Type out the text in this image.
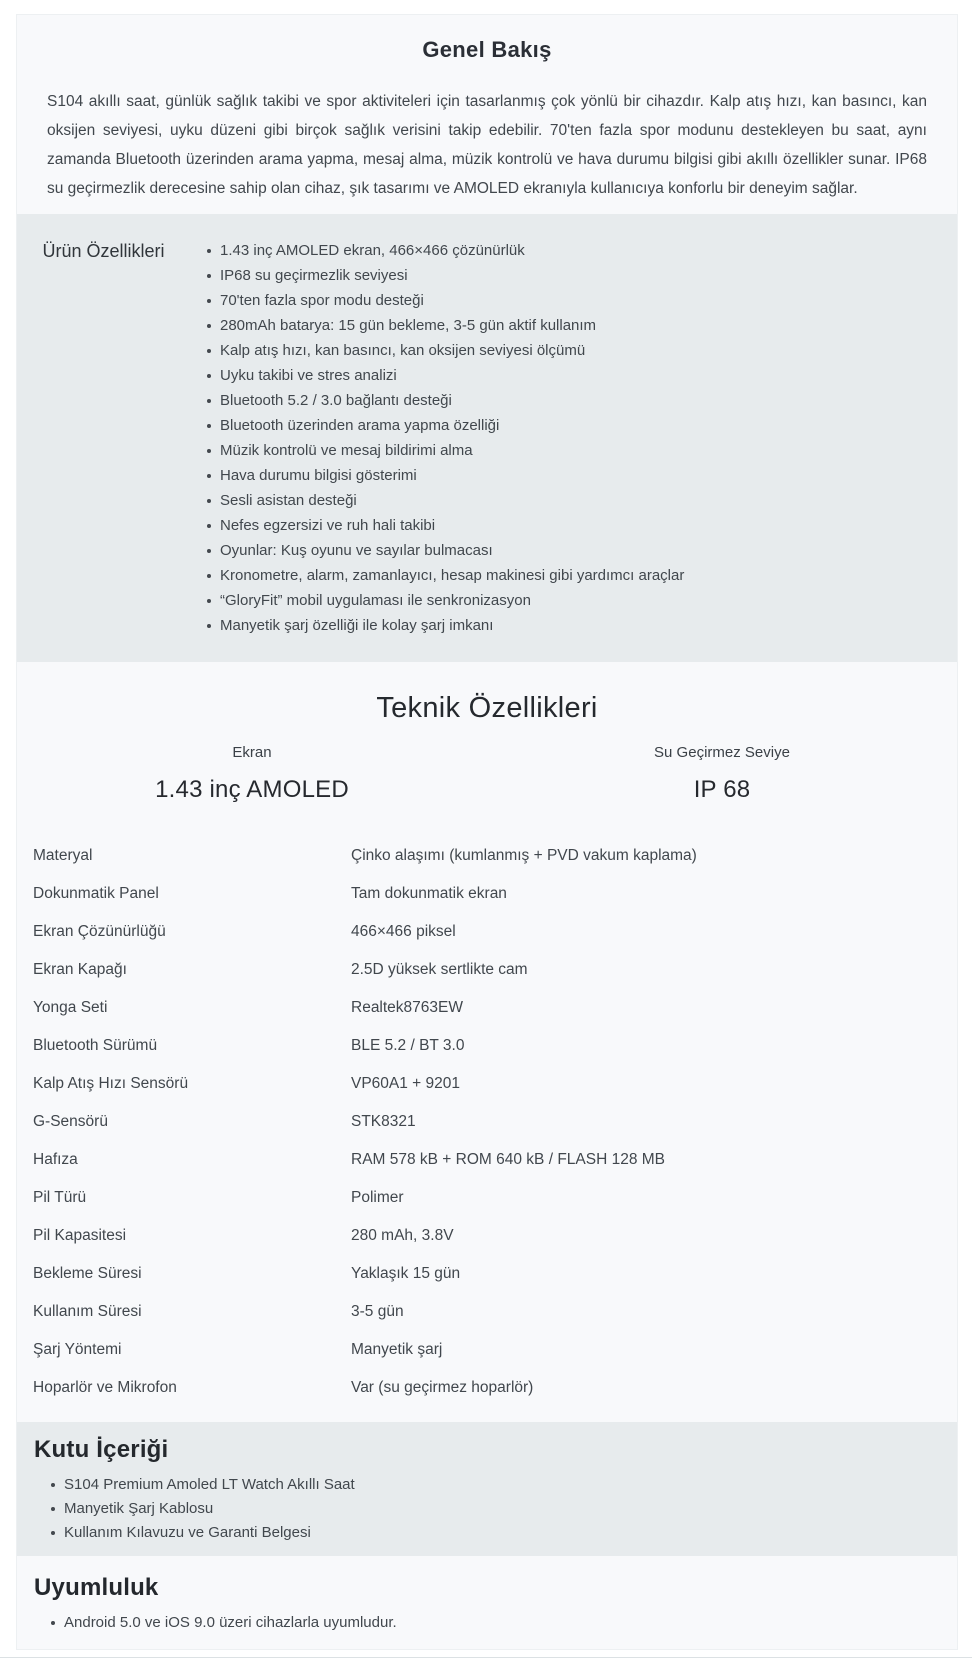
Genel Bakış

S104 akıllı saat, günlük sağlık takibi ve spor aktiviteleri için tasarlanmış çok yönlü bir cihazdır. Kalp atış hızı, kan basıncı, kan oksijen seviyesi, uyku düzeni gibi birçok sağlık verisini takip edebilir. 70'ten fazla spor modunu destekleyen bu saat, aynı zamanda Bluetooth üzerinden arama yapma, mesaj alma, müzik kontrolü ve hava durumu bilgisi gibi akıllı özellikler sunar. IP68 su geçirmezlik derecesine sahip olan cihaz, şık tasarımı ve AMOLED ekranıyla kullanıcıya konforlu bir deneyim sağlar.

Ürün Özellikleri	1.43 inç AMOLED ekran, 466×466 çözünürlük
IP68 su geçirmezlik seviyesi
70'ten fazla spor modu desteği
280mAh batarya: 15 gün bekleme, 3-5 gün aktif kullanım
Kalp atış hızı, kan basıncı, kan oksijen seviyesi ölçümü
Uyku takibi ve stres analizi
Bluetooth 5.2 / 3.0 bağlantı desteği
Bluetooth üzerinden arama yapma özelliği
Müzik kontrolü ve mesaj bildirimi alma
Hava durumu bilgisi gösterimi
Sesli asistan desteği
Nefes egzersizi ve ruh hali takibi
Oyunlar: Kuş oyunu ve sayılar bulmacası
Kronometre, alarm, zamanlayıcı, hesap makinesi gibi yardımcı araçlar
“GloryFit” mobil uygulaması ile senkronizasyon
Manyetik şarj özelliği ile kolay şarj imkanı
Teknik Özellikleri
Ekran
1.43 inç AMOLED
Su Geçirmez Seviye
IP 68
Materyal	Çinko alaşımı (kumlanmış + PVD vakum kaplama)
Dokunmatik Panel	Tam dokunmatik ekran
Ekran Çözünürlüğü	466×466 piksel
Ekran Kapağı	2.5D yüksek sertlikte cam
Yonga Seti	Realtek8763EW
Bluetooth Sürümü	BLE 5.2 / BT 3.0
Kalp Atış Hızı Sensörü	VP60A1 + 9201
G-Sensörü	STK8321
Hafıza	RAM 578 kB + ROM 640 kB / FLASH 128 MB
Pil Türü	Polimer
Pil Kapasitesi	280 mAh, 3.8V
Bekleme Süresi	Yaklaşık 15 gün
Kullanım Süresi	3-5 gün
Şarj Yöntemi	Manyetik şarj
Hoparlör ve Mikrofon	Var (su geçirmez hoparlör)
Kutu İçeriği
S104 Premium Amoled LT Watch Akıllı Saat
Manyetik Şarj Kablosu
Kullanım Kılavuzu ve Garanti Belgesi
Uyumluluk
Android 5.0 ve iOS 9.0 üzeri cihazlarla uyumludur.
